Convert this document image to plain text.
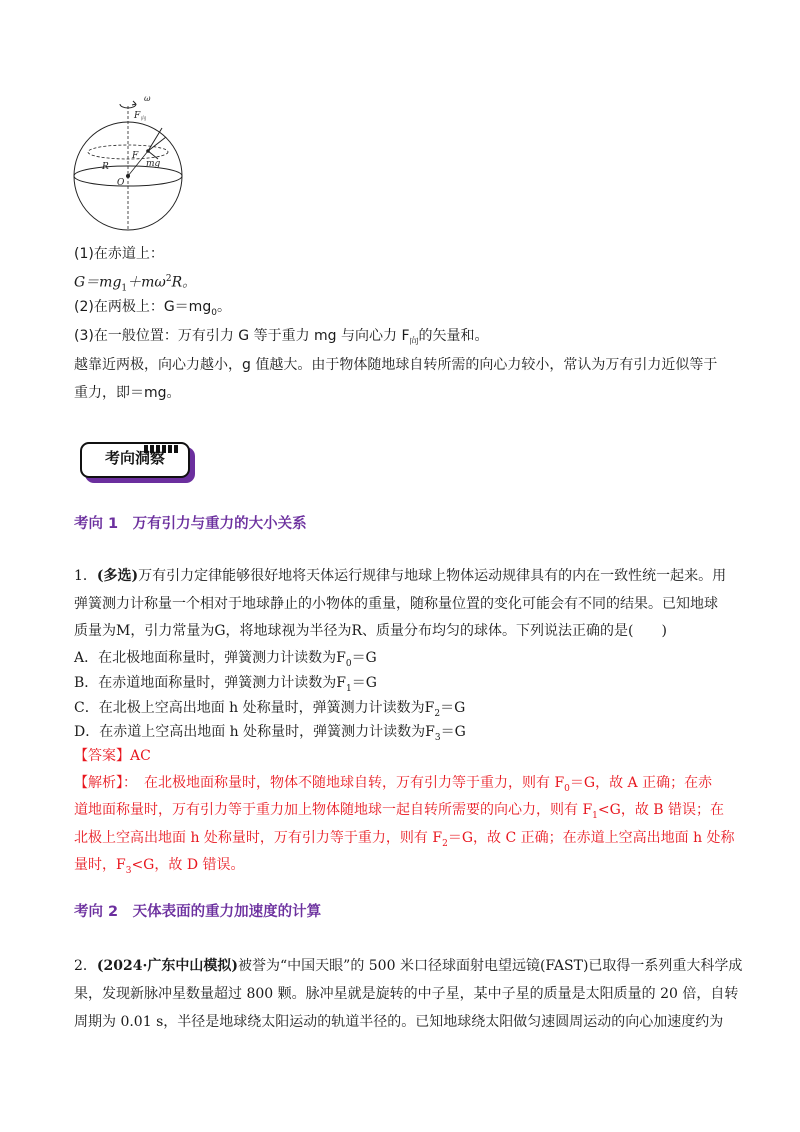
ω
F 向
F
mg
R
O
(1)在赤道上：
$G=mg_1+m\omega^2R$。
(2)在两极上：$G=mg_0$。
(3)在一般位置：万有引力 G 等于重力 mg 与向心力 $F_向$的矢量和。
越靠近两极，向心力越小，g 值越大。由于物体随地球自转所需的向心力较小，常认为万有引力近似等于
重力，即＝mg。
考向洞察
考向 1　万有引力与重力的大小关系
1．(多选)万有引力定律能够很好地将天体运行规律与地球上物体运动规律具有的内在一致性统一起来。用
弹簧测力计称量一个相对于地球静止的小物体的重量，随称量位置的变化可能会有不同的结果。已知地球
质量为M，引力常量为G，将地球视为半径为R、质量分布均匀的球体。下列说法正确的是(　　)
A．在北极地面称量时，弹簧测力计读数为$F_0=G$
B．在赤道地面称量时，弹簧测力计读数为$F_1=G$
C．在北极上空高出地面 h 处称量时，弹簧测力计读数为$F_2=G$
D．在赤道上空高出地面 h 处称量时，弹簧测力计读数为$F_3=G$
【答案】AC
【解析】：　在北极地面称量时，物体不随地球自转，万有引力等于重力，则有 $F_0=G$，故 A 正确；在赤
道地面称量时，万有引力等于重力加上物体随地球一起自转所需要的向心力，则有 $F_1<G$，故 B 错误；在
北极上空高出地面 h 处称量时，万有引力等于重力，则有 $F_2=G$，故 C 正确；在赤道上空高出地面 h 处称
量时，$F_3<G$，故 D 错误。
考向 2　天体表面的重力加速度的计算
2．(2024·广东中山模拟)被誉为“中国天眼”的 500 米口径球面射电望远镜(FAST)已取得一系列重大科学成
果，发现新脉冲星数量超过 800 颗。脉冲星就是旋转的中子星，某中子星的质量是太阳质量的 20 倍，自转
周期为 0.01 s，半径是地球绕太阳运动的轨道半径的。已知地球绕太阳做匀速圆周运动的向心加速度约为
